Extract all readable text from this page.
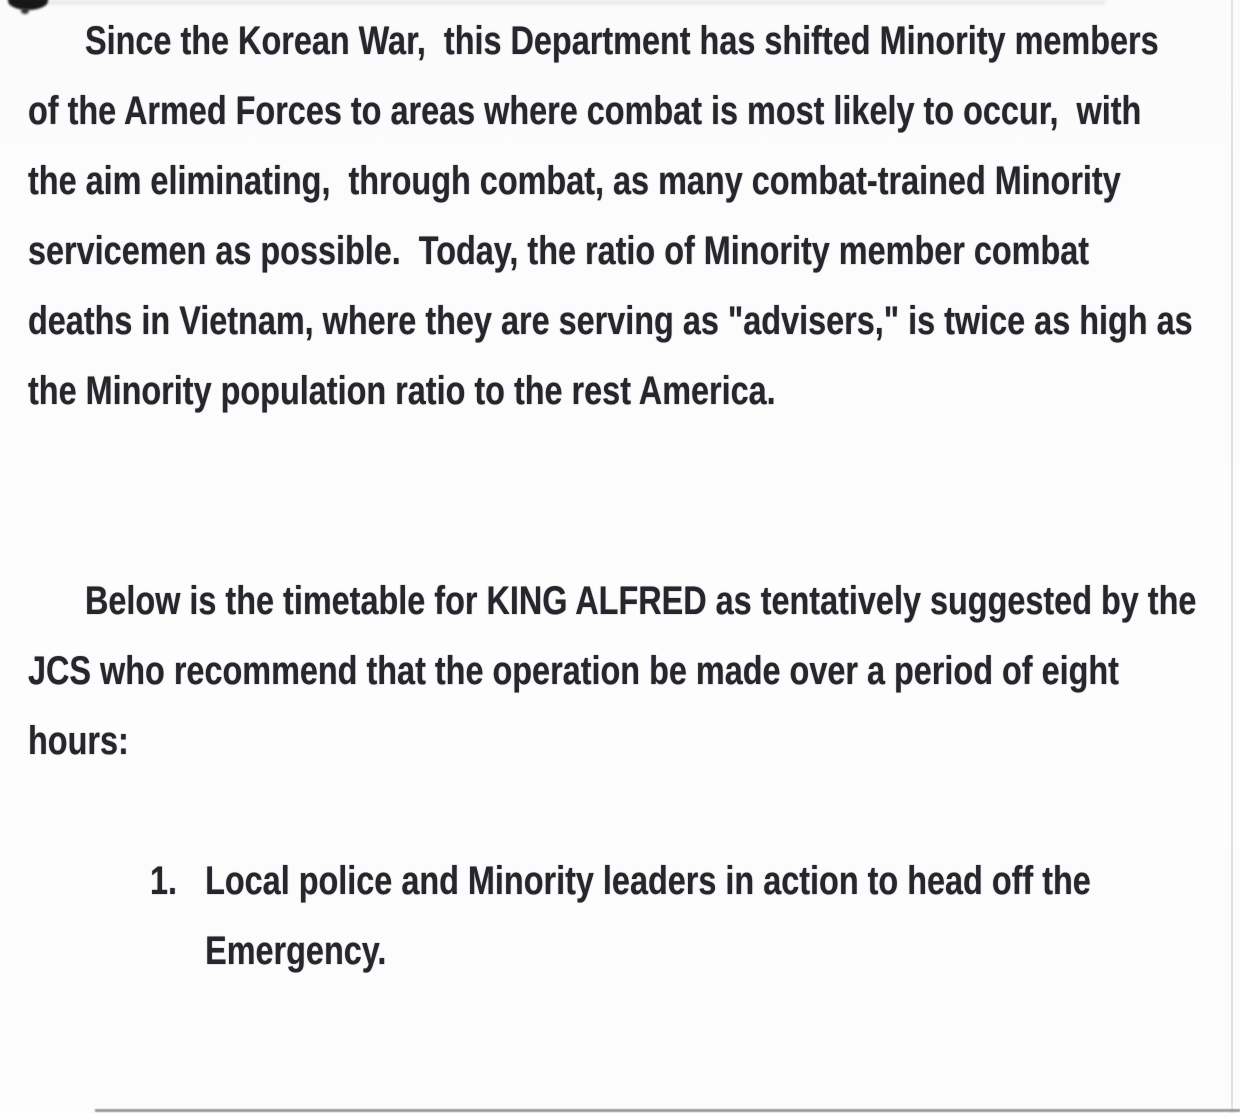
Since the Korean War,  this Department has shifted Minority members
of the Armed Forces to areas where combat is most likely to occur,  with
the aim eliminating,  through combat, as many combat-trained Minority
servicemen as possible.  Today, the ratio of Minority member combat
deaths in Vietnam, where they are serving as "advisers," is twice as high as
the Minority population ratio to the rest America.
Below is the timetable for KING ALFRED as tentatively suggested by the
JCS who recommend that the operation be made over a period of eight
hours:
1. Local police and Minority leaders in action to head off the
Emergency.
